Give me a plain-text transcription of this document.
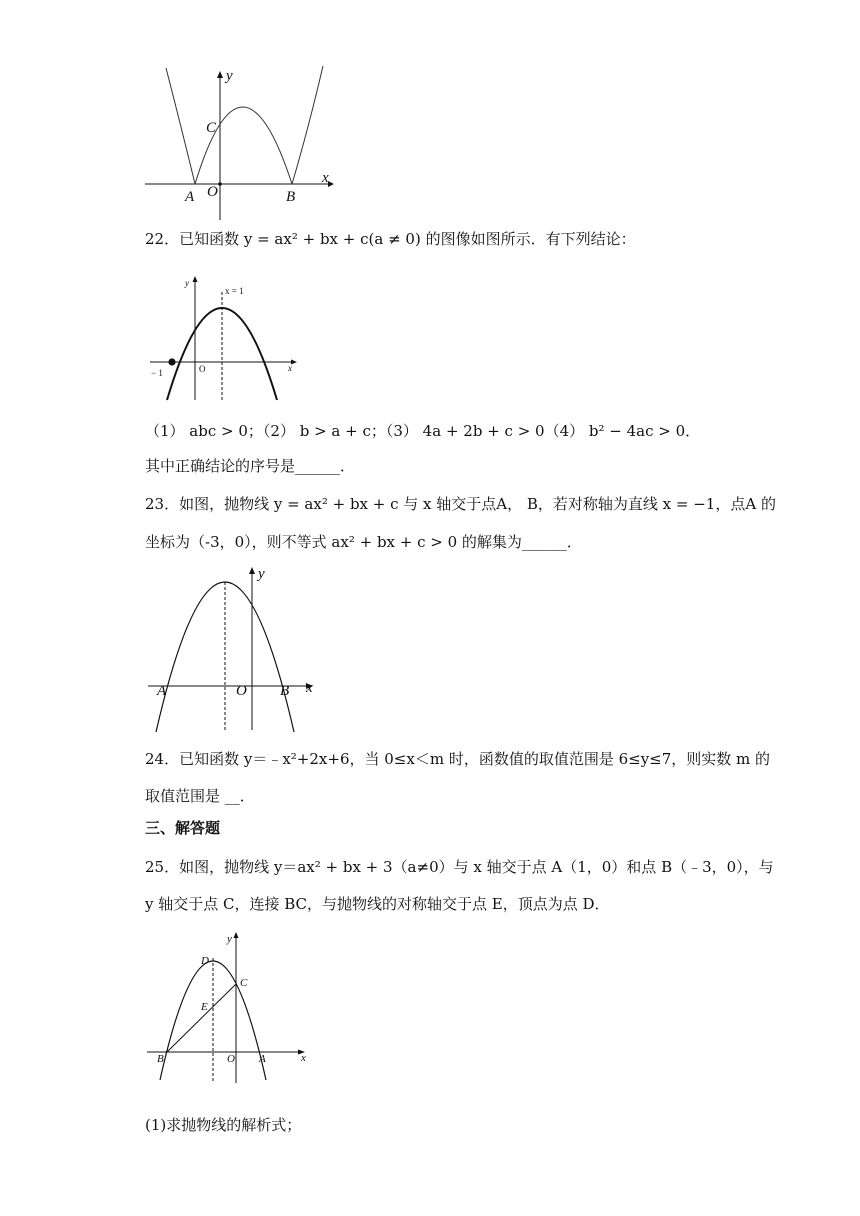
y
x
C
A O	B
22．已知函数 y = ax² + bx + c(a ≠ 0) 的图像如图所示．有下列结论：
y
x
x = 1
− 1	O
（1） abc > 0；（2） b > a + c；（3） 4a + 2b + c > 0（4） b² − 4ac > 0．
其中正确结论的序号是______．
23．如图，抛物线 y = ax² + bx + c 与 x 轴交于点A， B，若对称轴为直线 x = −1，点A 的
坐标为（-3，0），则不等式 ax² + bx + c > 0 的解集为______．
y
x
A	O B
24．已知函数 y＝﹣x²+2x+6，当 0≤x＜m 时，函数值的取值范围是 6≤y≤7，则实数 m 的
取值范围是 __．
三、解答题
25．如图，抛物线 y＝ax² + bx + 3（a≠0）与 x 轴交于点 A（1，0）和点 B（﹣3，0），与
y 轴交于点 C，连接 BC，与抛物线的对称轴交于点 E，顶点为点 D．
y
x
D
C
E
B	O A
(1)求抛物线的解析式；
